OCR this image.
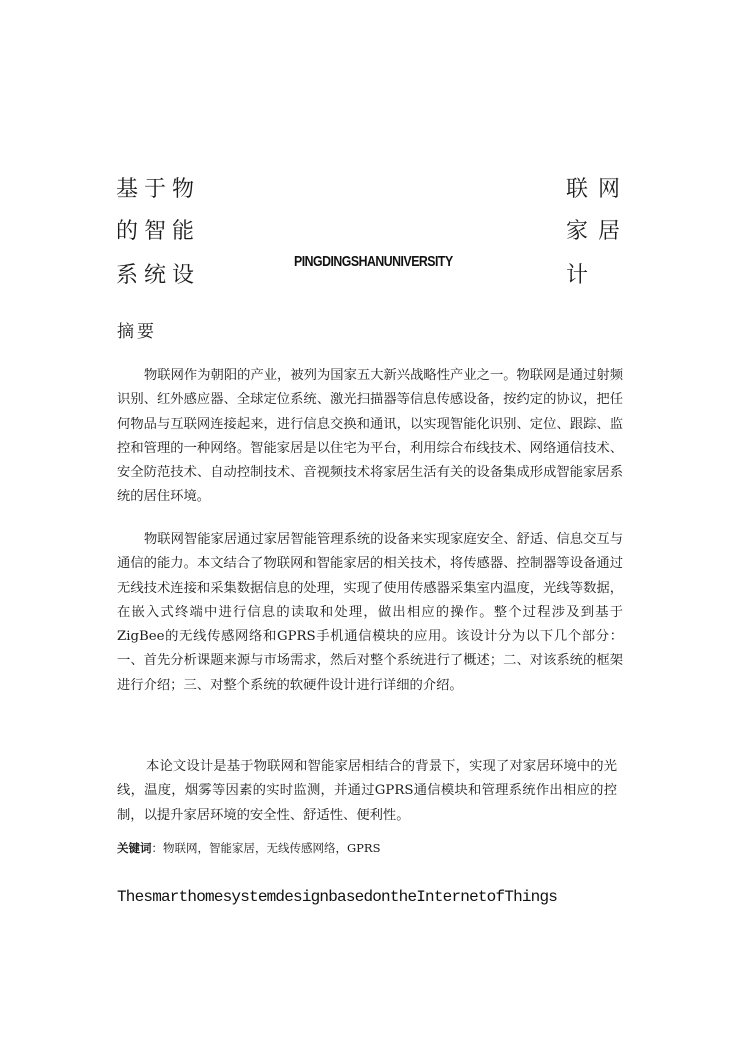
基于物
的智能
系统设
联网
家居
计
PINGDINGSHANUNIVERSITY
摘要

物联网作为朝阳的产业，被列为国家五大新兴战略性产业之一。物联网是通过射频识别、红外感应器、全球定位系统、激光扫描器等信息传感设备，按约定的协议，把任何物品与互联网连接起来，进行信息交换和通讯，以实现智能化识别、定位、跟踪、监控和管理的一种网络。智能家居是以住宅为平台，利用综合布线技术、网络通信技术、安全防范技术、自动控制技术、音视频技术将家居生活有关的设备集成形成智能家居系统的居住环境。

物联网智能家居通过家居智能管理系统的设备来实现家庭安全、舒适、信息交互与通信的能力。本文结合了物联网和智能家居的相关技术，将传感器、控制器等设备通过无线技术连接和采集数据信息的处理，实现了使用传感器采集室内温度，光线等数据，在嵌入式终端中进行信息的读取和处理，做出相应的操作。整个过程涉及到基于ZigBee的无线传感网络和GPRS手机通信模块的应用。该设计分为以下几个部分：一、首先分析课题来源与市场需求，然后对整个系统进行了概述；二、对该系统的框架进行介绍；三、对整个系统的软硬件设计进行详细的介绍。

本论文设计是基于物联网和智能家居相结合的背景下，实现了对家居环境中的光线，温度，烟雾等因素的实时监测，并通过GPRS通信模块和管理系统作出相应的控制，以提升家居环境的安全性、舒适性、便利性。

关键词：物联网，智能家居，无线传感网络，GPRS
ThesmarthomesystemdesignbasedontheInternetofThings
